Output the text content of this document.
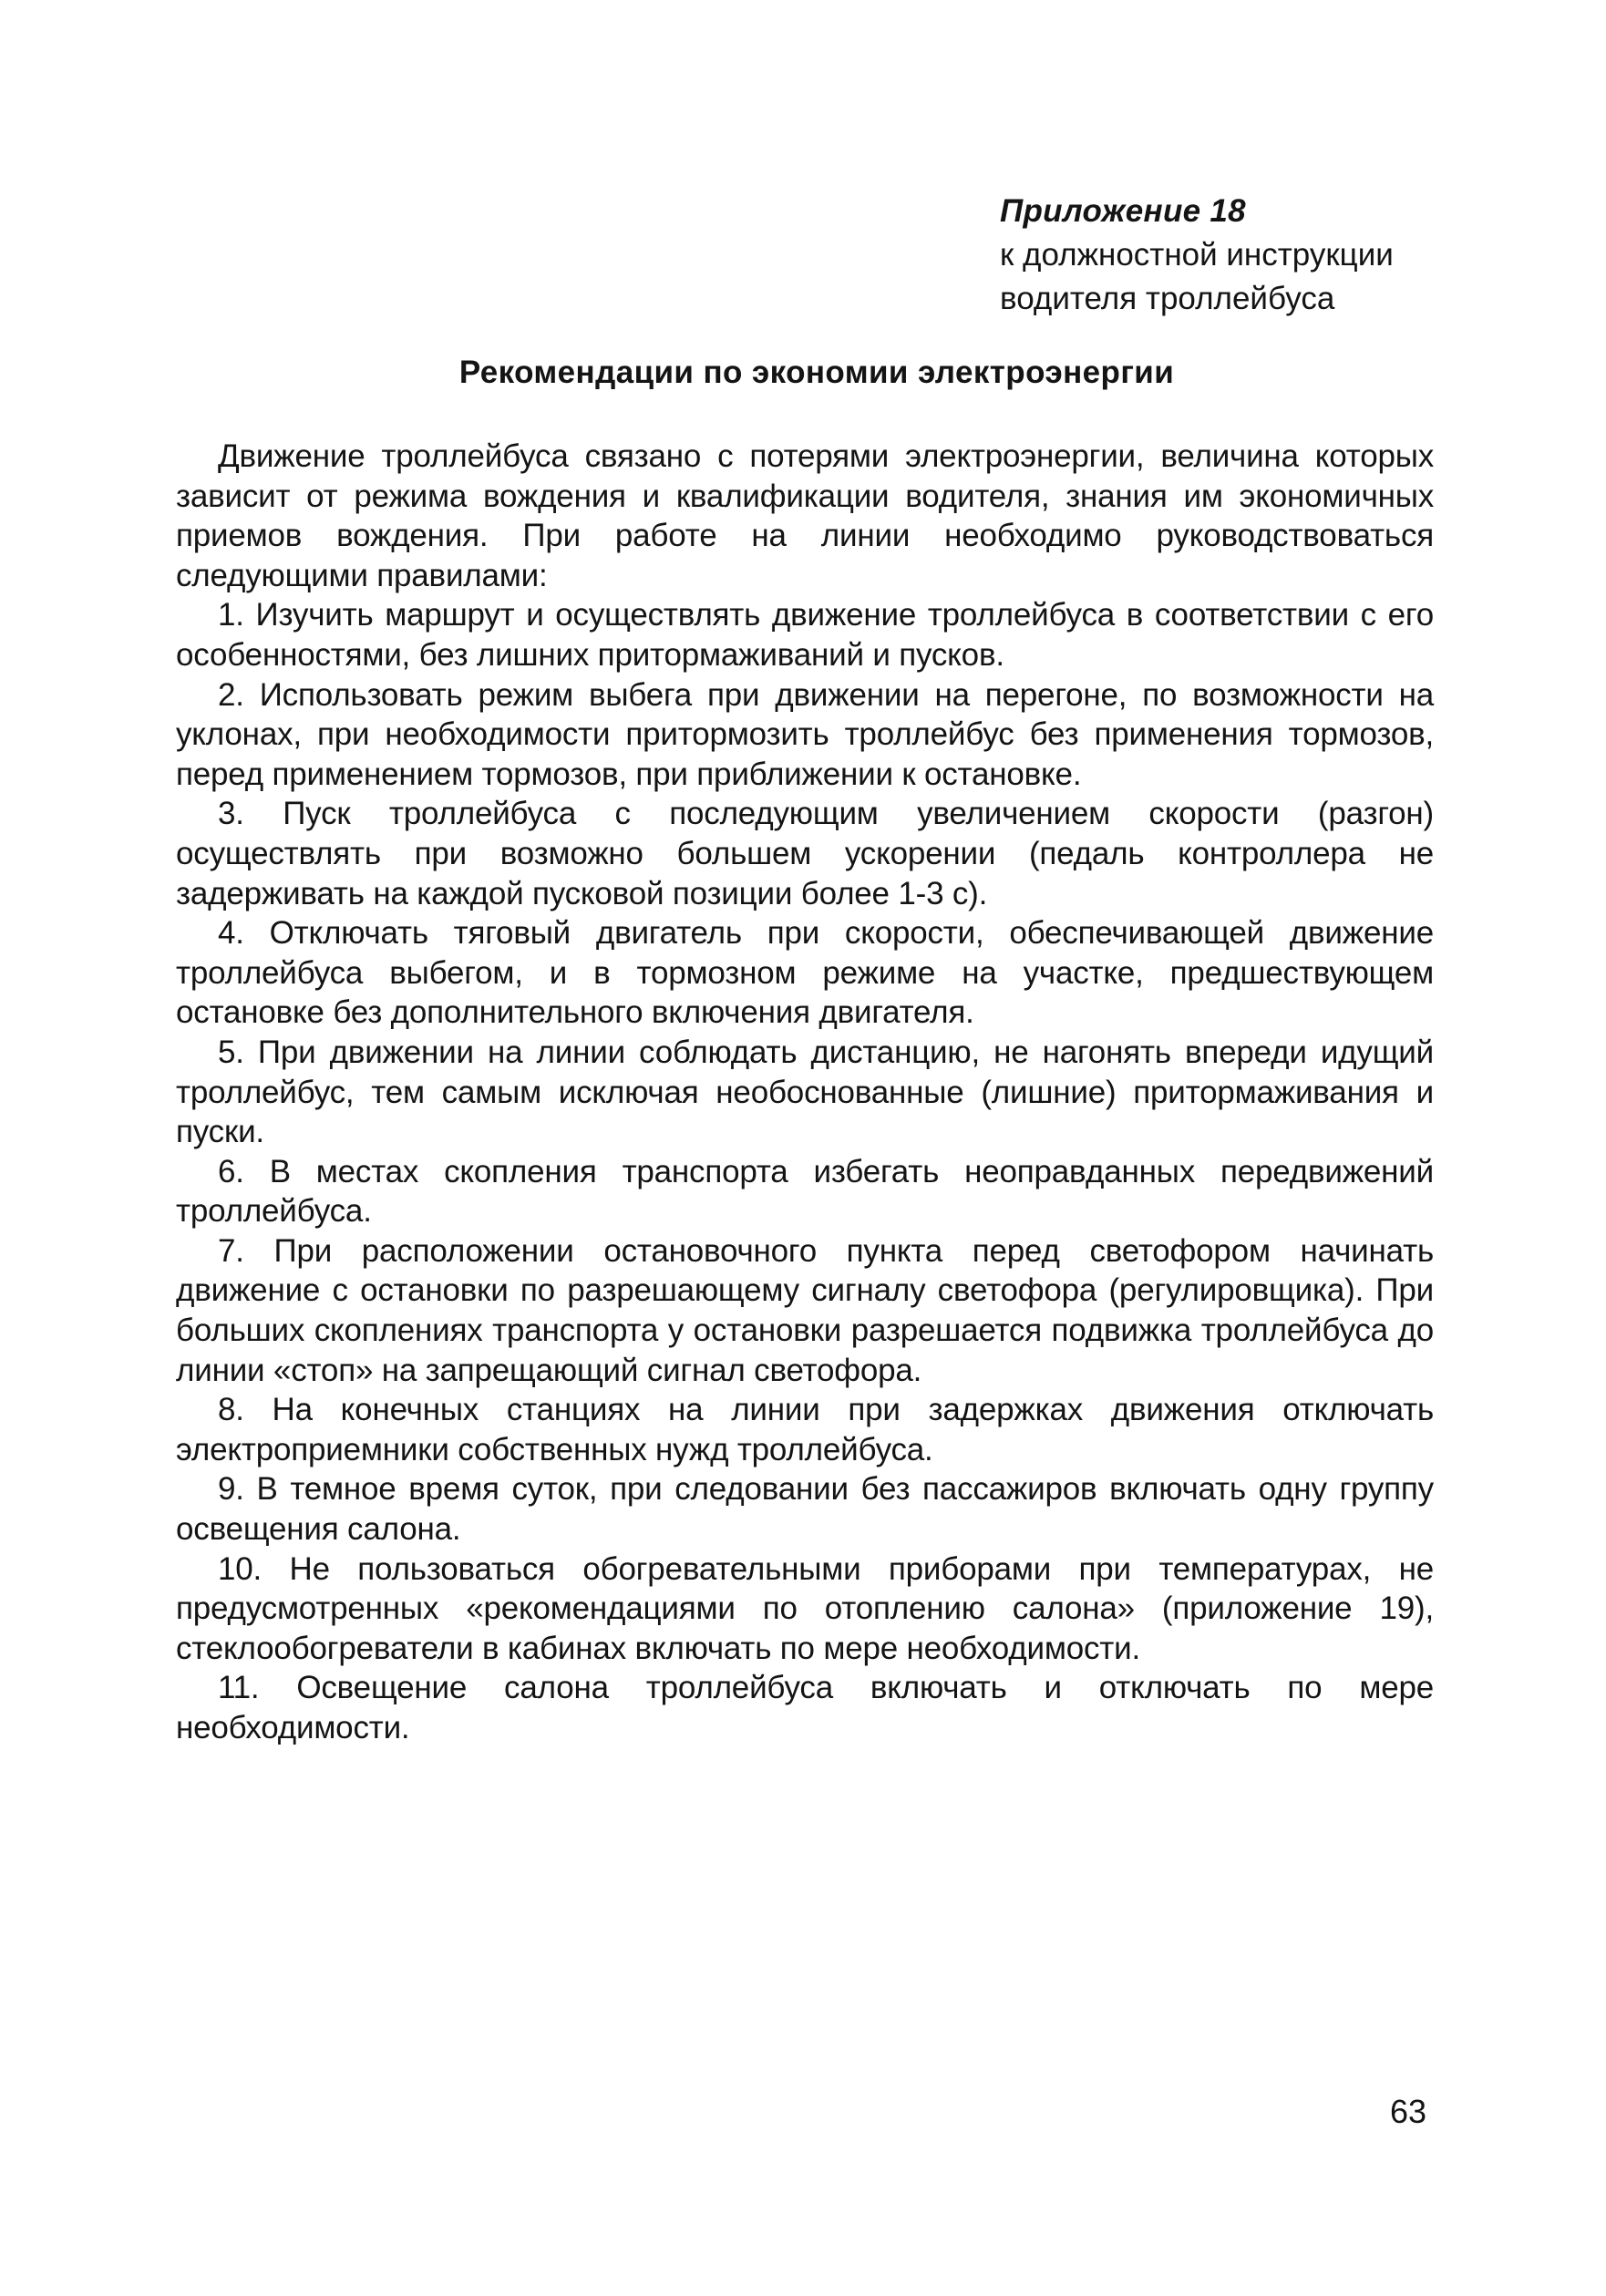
Приложение 18
к должностной инструкции
водителя троллейбуса
Рекомендации по экономии электроэнергии

Движение троллейбуса связано с потерями электроэнергии, величина которых зависит от режима вождения и квалификации водителя, знания им экономичных приемов вождения. При работе на линии необходимо руководствоваться следующими правилами:

1. Изучить маршрут и осуществлять движение троллейбуса в соответствии с его особенностями, без лишних притормаживаний и пусков.

2. Использовать режим выбега при движении на перегоне, по возможности на уклонах, при необходимости притормозить троллейбус без применения тормозов, перед применением тормозов, при приближении к остановке.

3. Пуск троллейбуса с последующим увеличением скорости (разгон) осуществлять при возможно большем ускорении (педаль контроллера не задерживать на каждой пусковой позиции более 1-3 с).

4. Отключать тяговый двигатель при скорости, обеспечивающей движение троллейбуса выбегом, и в тормозном режиме на участке, предшествующем остановке без дополнительного включения двигателя.

5. При движении на линии соблюдать дистанцию, не нагонять впереди идущий троллейбус, тем самым исключая необоснованные (лишние) притормаживания и пуски.

6. В местах скопления транспорта избегать неоправданных передвижений троллейбуса.

7. При расположении остановочного пункта перед светофором начинать движение с остановки по разрешающему сигналу светофора (регулировщика). При больших скоплениях транспорта у остановки разрешается подвижка троллейбуса до линии «стоп» на запрещающий сигнал светофора.

8. На конечных станциях на линии при задержках движения отключать электроприемники собственных нужд троллейбуса.

9. В темное время суток, при следовании без пассажиров включать одну группу освещения салона.

10. Не пользоваться обогревательными приборами при температурах, не предусмотренных «рекомендациями по отоплению салона» (приложение 19), стеклообогреватели в кабинах включать по мере необходимости.

11. Освещение салона троллейбуса включать и отключать по мере необходимости.

63
